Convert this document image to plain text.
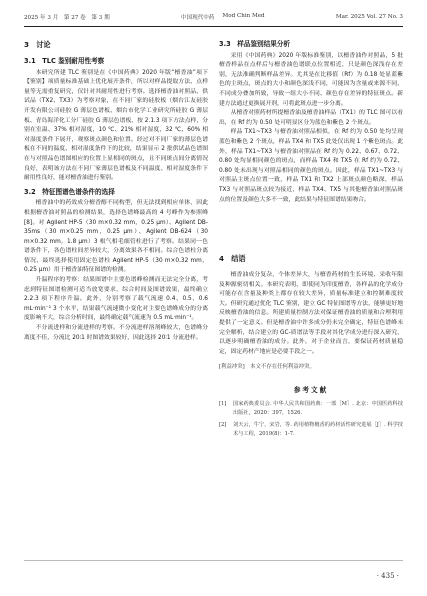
2025 年 3 月　第 27 卷　第 3 期	中国现代中药 Mod Chin Med	Mar. 2025 Vol. 27 No. 3
3　讨论
3.1　TLC 鉴别耐用性考察

本研究所建 TLC 鉴别是在《中国药典》2020 年版“檀香油”项下【鉴别】项质量标准基础上优化展开条件，所以对样品提取方法、点样量等无需重复研究，仅针对其耐用性进行考察。选择檀香油对照品、供试品（TX2、TX3）为考察对象，在不同厂家的硅胶板（烟台江友硅胶开发有限公司硅胶 G 薄层色谱板、烟台市化学工业研究所硅胶 G 薄层板、青岛海洋化工分厂硅胶 G 薄层色谱板，按 2.1.3 项下方法点样，分别在室温、37% 相对湿度，10 ℃、21% 相对湿度，32 ℃、60% 相对湿度条件下展开，观察斑点颜色和位置。经过对不同厂家的薄层色谱板在不同的温度、相对湿度条件下的比较，结果显示 2 批供试品色谱图在与对照品色谱图相应的位置上显相同的斑点，且不同斑点间分离情况良好，表明该方法在不同厂家薄层色谱板及不同温度、相对湿度条件下耐用性良好，能对檀香油进行鉴别。

3.2　特征图谱色谱条件的选择

檀香油中的药效成分檀香醇不同构型，但无法找到相应单体，因此根据檀香油对照品的检测结果，选择色谱峰最高的 4 号峰作为参照峰 [8]。对 Agilent HP-5（30 m×0.32 mm，0.25 μm）、Agilent DB-35ms（30 m×0.25 mm，0.25 μm）、Agilent DB-624（30 m×0.32 mm，1.8 μm）3 根气相毛细管柱进行了考察。结果同一色谱条件下，各色谱柱间差异较大，分离效果各不相同。综合色谱柱分离情况、最终选择使用固定色谱柱 Agilent HP-5（30 m×0.32 mm，0.25 μm）用于檀香油特征图谱的检测。

升温程序的考察：结果图谱中主要色谱峰检测而无法完全分离，考虑到特征图谱检测可适当放宽要求，综合时间及图谱效果，最终确立 2.2.3 项下程序升温。此外，分别考察了载气流速 0.4、0.5、0.6 mL·min⁻¹ 3 个水平，结果载气流速微小变化对主要色谱峰成分的分离度影响不大，综合分析时间，最终确定载气流速为 0.5 mL·min⁻¹。

不分流进样和分流进样的考察。不分流进样溶剂峰较大，色谱峰分离度不佳，分流比 20∶1 时图谱效果较好，因此选择 20∶1 分流进样。

3.3　样品鉴别结果分析

采用《中国药典》2020 年版标准鉴别，以檀香油作对照品，5 批檀香样品在点样后与檀香油色谱联点位置相近，只是颜色深浅存在差别，无法准确判断样品差异。尤其是在比移值（Rf）为 0.18 处显蓝紫色的主斑点，斑点的大小和颜色深浅不同，可能因为含量或来源不同，不同成分叠加所致，导致一组大小不同、颜色存在差异的特征斑点。新建方法通过更换展开剂，可将此斑点进一步分离。

从檀香对照药材所提檀香油及檀香油样品（TX1）的 TLC 图可以看出，在 Rf 约为 0.50 处可明显区分为蓝色和紫色 2 个斑点。

样品 TX1~TX3 与檀香油对照品相似，在 Rf 约为 0.50 处均呈现蓝色和紫色 2 个斑点，样品 TX4 和 TX5 此处仅出现 1 个紫色斑点。此外，样品 TX1~TX3 与檀香油对照品在 Rf 约为 0.22、0.67、0.72、0.80 处均显相同颜色的斑点，而样品 TX4 和 TX5 在 Rf 约为 0.72、0.80 处未出现与对照品相同的颜色的斑点。因此，样品 TX1~TX3 与对照品主斑点位置一致，样品 TX1 和 TX2 上部斑点颜色略深，样品 TX3 与对照品斑点较为接近，样品 TX4、TX5 与其他檀香油对照品斑点的位置及颜色大多不一致，此结果与特征图谱结果吻合。

4　结语

檀香油成分复杂，个体差异大，与檀香药材的生长环境、采收年限及种源密切相关。本研究表明，即使同为印度檀香，各样品的化学成分可能存在含量及种类上都存在较大差异，质量标准建立和控制难度较大。但研究通过优化 TLC 鉴别，建立 GC 特征图谱等方法，能够更好地反映檀香油的信息。所建质量控制方法对保证檀香油的质量和合理利用提供了一定意义。但是檀香油中许多成分仍未完全确定，特征色谱峰未完全解析，结合建立的 GC-质谱法等手段对其化学成分进行深入研究，以逐步明确檀香油的成分。此外，对于企业而言，要保证药材质量稳定，固定药材产地应是必要手段之一。

[利益冲突]　本文不存在任何利益冲突。
参考文献
[1]	国家药典委员会. 中华人民共和国药典：一部［M］. 北京：中国医药科技出版社，2020：397，1526.
[2]	刘天云，牛宁，宋岩，等. 药用植物檀香的药材活性研究进展［J］. 科学技术与工程，2019(8)：1-7.
· 435 ·
